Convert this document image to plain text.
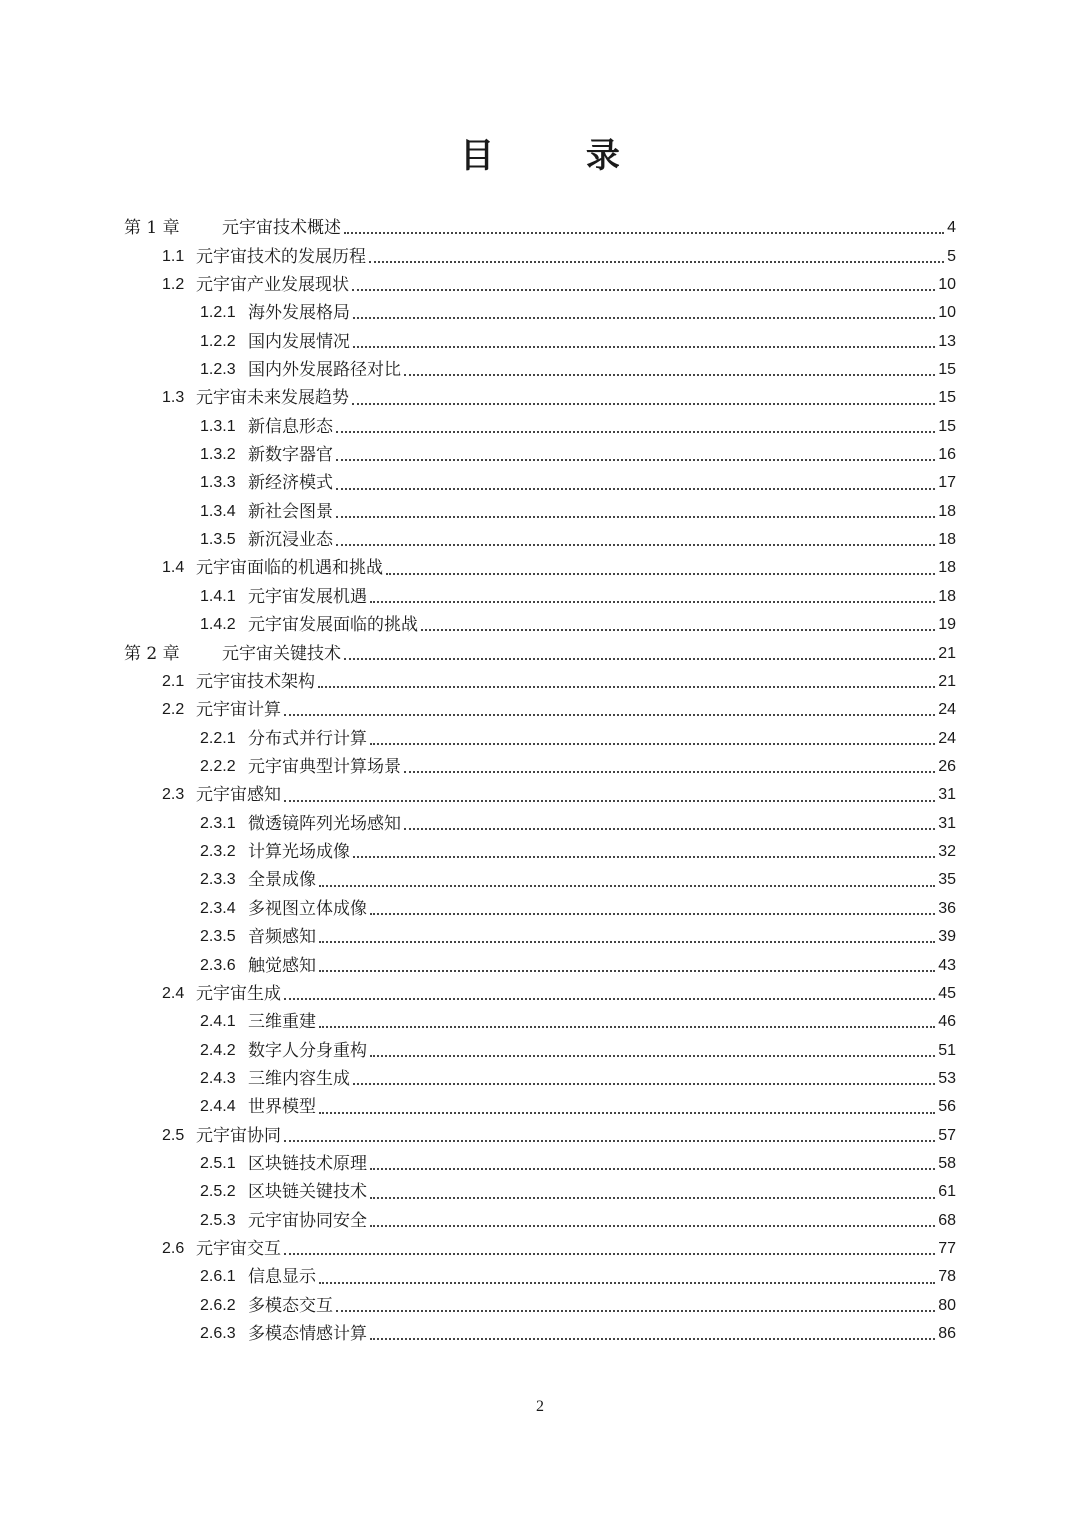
目 录
第 1 章	元宇宙技术概述	4
1.1 元宇宙技术的发展历程	5
1.2 元宇宙产业发展现状	10
1.2.1 海外发展格局	10
1.2.2 国内发展情况	13
1.2.3 国内外发展路径对比	15
1.3 元宇宙未来发展趋势	15
1.3.1 新信息形态	15
1.3.2 新数字器官	16
1.3.3 新经济模式	17
1.3.4 新社会图景	18
1.3.5 新沉浸业态	18
1.4 元宇宙面临的机遇和挑战	18
1.4.1 元宇宙发展机遇	18
1.4.2 元宇宙发展面临的挑战	19
第 2 章	元宇宙关键技术	21
2.1 元宇宙技术架构	21
2.2 元宇宙计算	24
2.2.1 分布式并行计算	24
2.2.2 元宇宙典型计算场景	26
2.3 元宇宙感知	31
2.3.1 微透镜阵列光场感知	31
2.3.2 计算光场成像	32
2.3.3 全景成像	35
2.3.4 多视图立体成像	36
2.3.5 音频感知	39
2.3.6 触觉感知	43
2.4 元宇宙生成	45
2.4.1 三维重建	46
2.4.2 数字人分身重构	51
2.4.3 三维内容生成	53
2.4.4 世界模型	56
2.5 元宇宙协同	57
2.5.1 区块链技术原理	58
2.5.2 区块链关键技术	61
2.5.3 元宇宙协同安全	68
2.6 元宇宙交互	77
2.6.1 信息显示	78
2.6.2 多模态交互	80
2.6.3 多模态情感计算	86
2
